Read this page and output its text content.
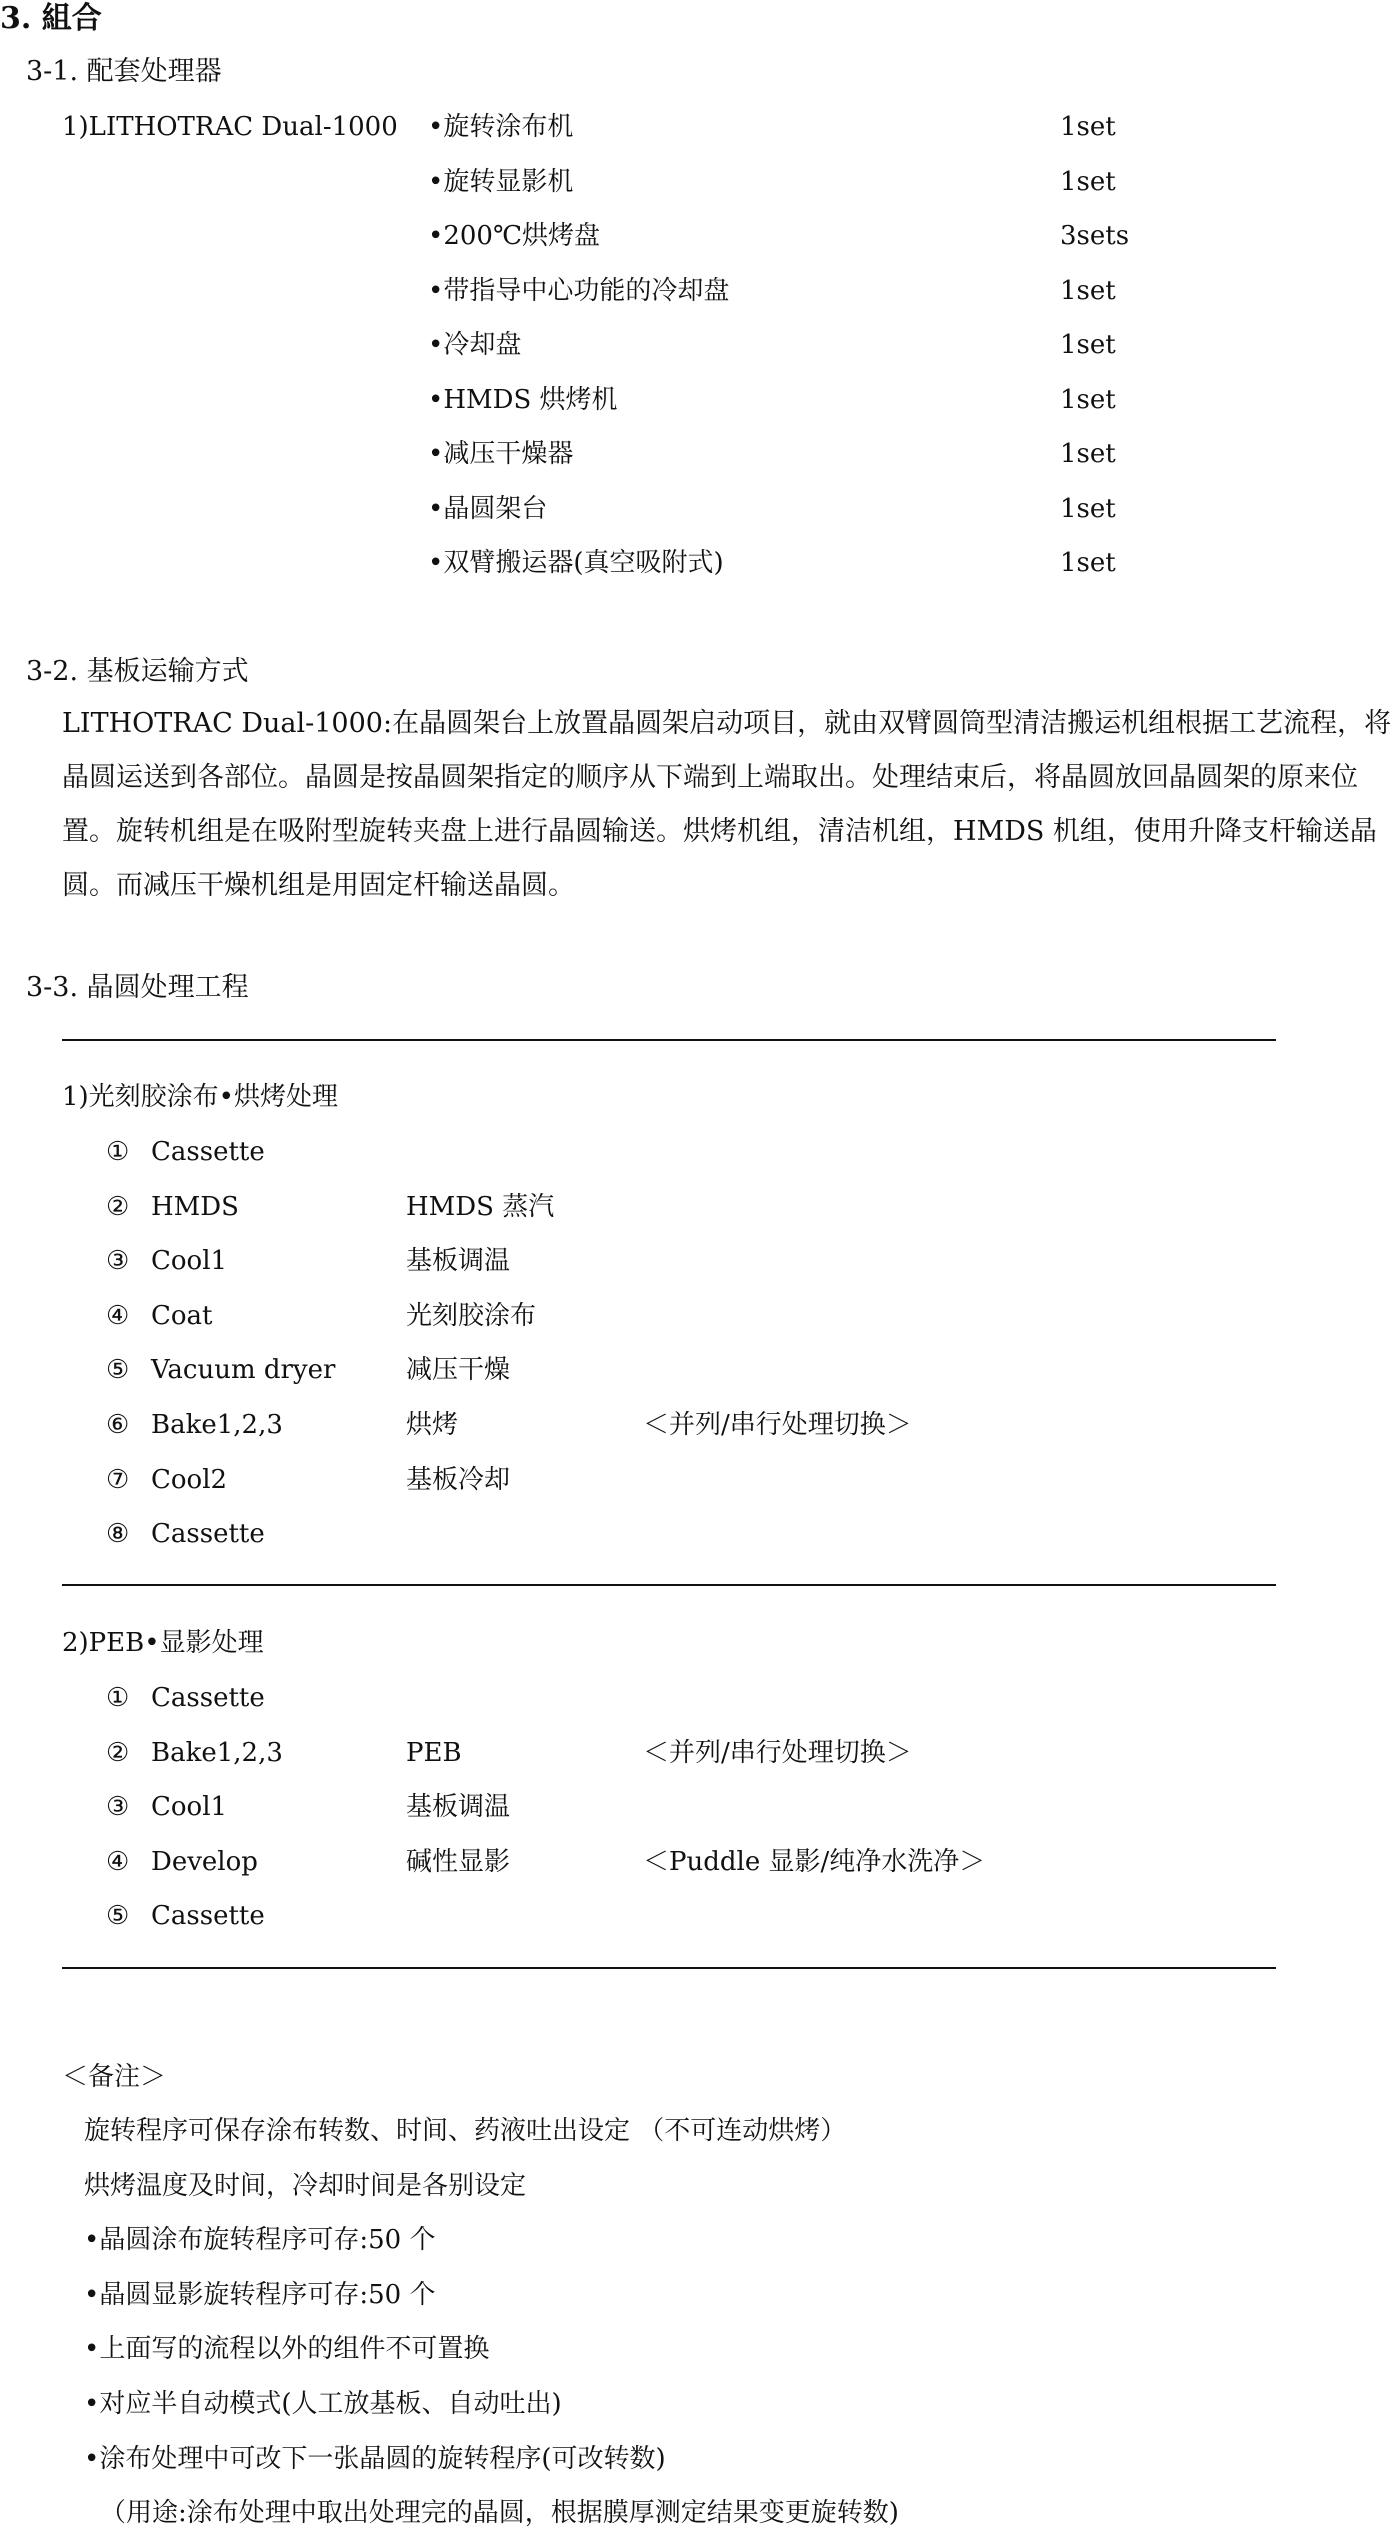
3. 組合
3-1. 配套处理器
1)LITHOTRAC Dual-1000 •旋转涂布机	1set
•旋转显影机	1set
•200℃烘烤盘	3sets
•带指导中心功能的冷却盘	1set
•冷却盘	1set
•HMDS 烘烤机	1set
•减压干燥器	1set
•晶圆架台	1set
•双臂搬运器(真空吸附式)	1set
3-2. 基板运输方式
LITHOTRAC Dual-1000:在晶圆架台上放置晶圆架启动项目，就由双臂圆筒型清洁搬运机组根据工艺流程，将晶圆运送到各部位。晶圆是按晶圆架指定的顺序从下端到上端取出。处理结束后，将晶圆放回晶圆架的原来位置。旋转机组是在吸附型旋转夹盘上进行晶圆输送。烘烤机组，清洁机组，HMDS 机组，使用升降支杆输送晶圆。而减压干燥机组是用固定杆输送晶圆。
3-3. 晶圆处理工程
1)光刻胶涂布•烘烤处理
① Cassette
② HMDS	HMDS 蒸汽
③ Cool1	基板调温
④ Coat	光刻胶涂布
⑤ Vacuum dryer	减压干燥
⑥ Bake1,2,3	烘烤	＜并列/串行处理切换＞
⑦ Cool2	基板冷却
⑧ Cassette
2)PEB•显影处理
① Cassette
② Bake1,2,3	PEB	＜并列/串行处理切换＞
③ Cool1	基板调温
④ Develop	碱性显影	＜Puddle 显影/纯净水洗净＞
⑤ Cassette
＜备注＞
旋转程序可保存涂布转数、时间、药液吐出设定 （不可连动烘烤）
烘烤温度及时间，冷却时间是各别设定
•晶圆涂布旋转程序可存:50 个
•晶圆显影旋转程序可存:50 个
•上面写的流程以外的组件不可置换
•对应半自动模式(人工放基板、自动吐出)
•涂布处理中可改下一张晶圆的旋转程序(可改转数)
（用途:涂布处理中取出处理完的晶圆，根据膜厚测定结果变更旋转数)
